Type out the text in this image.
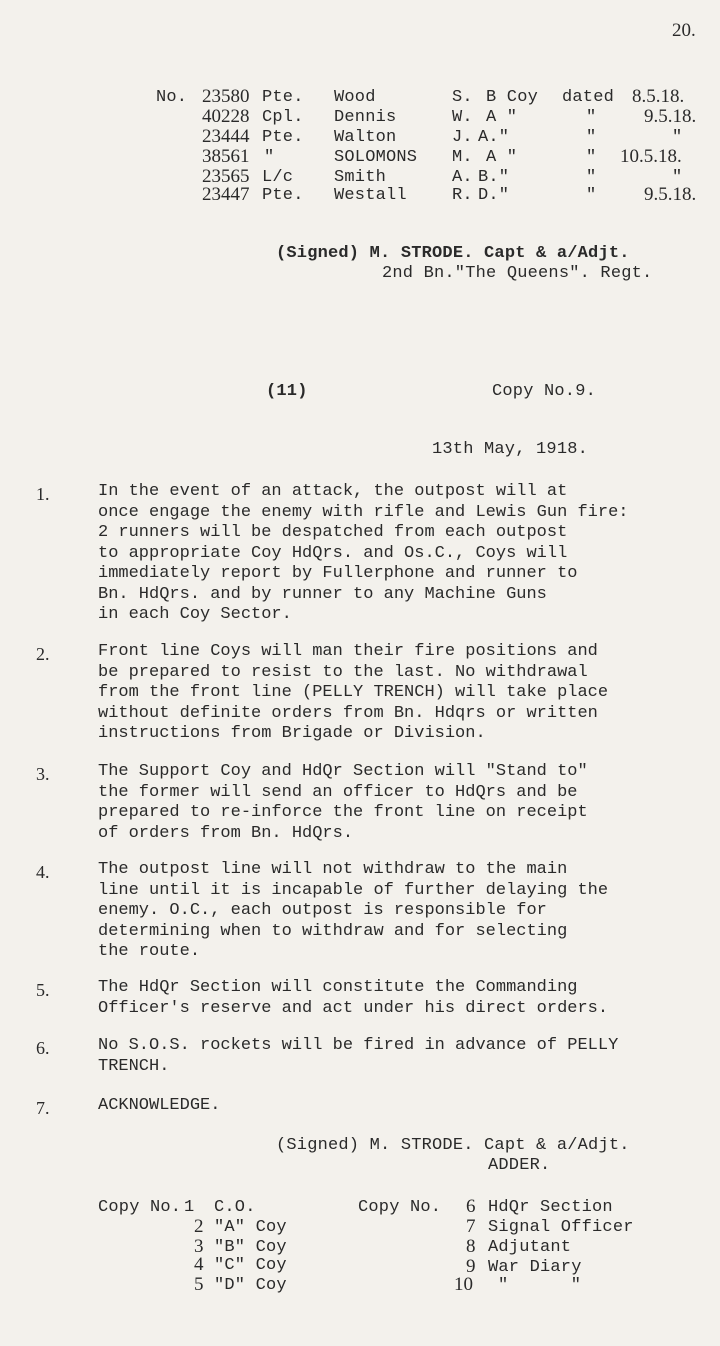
20.
No. 23580 Pte. Wood	S. B Coy dated 8.5.18.
40228 Cpl. Dennis	W. A "	"	9.5.18.
23444 Pte. Walton	J. A."	"	"
38561 "	SOLOMONS M. A "	" 10.5.18.
23565 L/c Smith	A. B."	"	"
23447 Pte. Westall	R. D."	"	9.5.18.
(Signed) M. STRODE. Capt & a/Adjt.
2nd Bn."The Queens". Regt.
(11)	Copy No.9.
13th May, 1918.
1.	In the event of an attack, the outpost will at
once engage the enemy with rifle and Lewis Gun fire:
2 runners will be despatched from each outpost
to appropriate Coy HdQrs. and Os.C., Coys will
immediately report by Fullerphone and runner to
Bn. HdQrs. and by runner to any Machine Guns
in each Coy Sector.
2.	Front line Coys will man their fire positions and
be prepared to resist to the last. No withdrawal
from the front line (PELLY TRENCH) will take place
without definite orders from Bn. Hdqrs or written
instructions from Brigade or Division.
3.	The Support Coy and HdQr Section will "Stand to"
the former will send an officer to HdQrs and be
prepared to re-inforce the front line on receipt
of orders from Bn. HdQrs.
4.	The outpost line will not withdraw to the main
line until it is incapable of further delaying the
enemy. O.C., each outpost is responsible for
determining when to withdraw and for selecting
the route.
5.	The HdQr Section will constitute the Commanding
Officer's reserve and act under his direct orders.
6.	No S.O.S. rockets will be fired in advance of PELLY
TRENCH.
7.	ACKNOWLEDGE.
(Signed) M. STRODE. Capt & a/Adjt.
ADDER.
Copy No.	Copy No.
1 C.O.
2 "A" Coy
3 "B" Coy
4 "C" Coy
5 "D" Coy
6 HdQr Section
7 Signal Officer
8 Adjutant
9 War Diary
10 "      "
